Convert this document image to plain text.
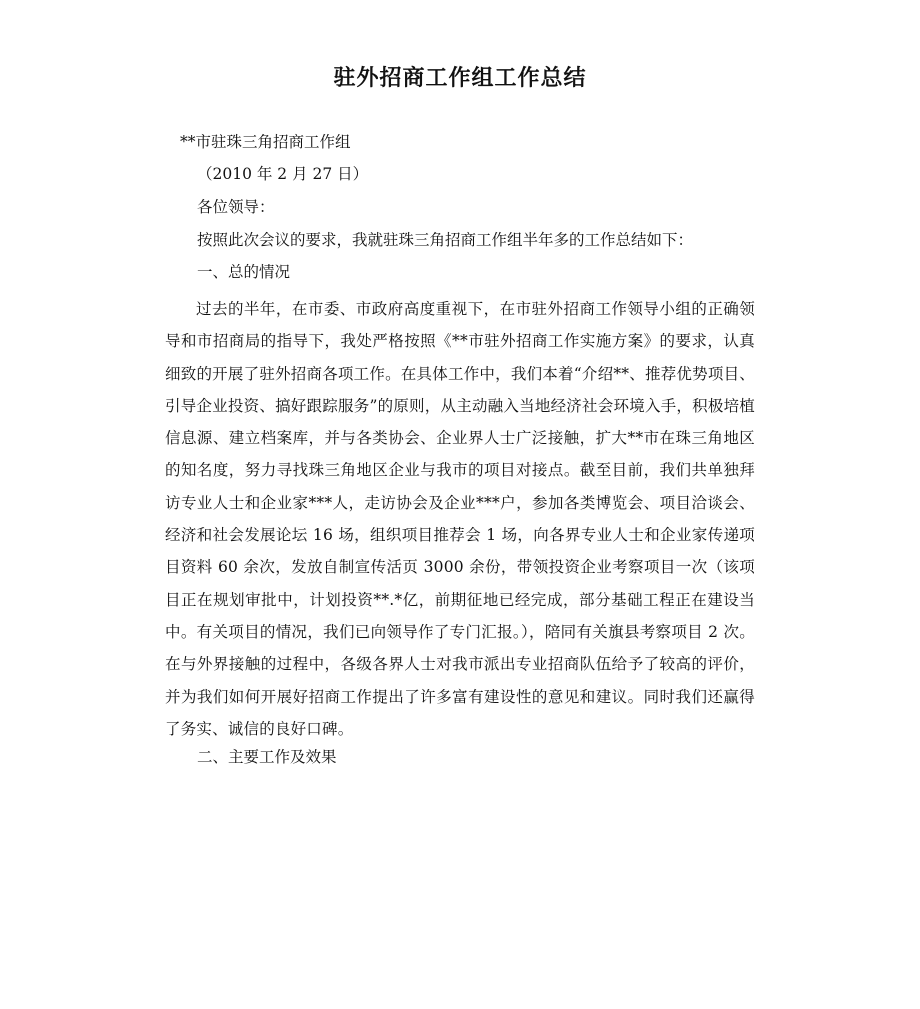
驻外招商工作组工作总结

**市驻珠三角招商工作组

（2010 年 2 月 27 日）

各位领导：

按照此次会议的要求，我就驻珠三角招商工作组半年多的工作总结如下：

一、总的情况

过去的半年，在市委、市政府高度重视下，在市驻外招商工作领导小组的正确领导和市招商局的指导下，我处严格按照《**市驻外招商工作实施方案》的要求，认真细致的开展了驻外招商各项工作。在具体工作中，我们本着“介绍**、推荐优势项目、引导企业投资、搞好跟踪服务”的原则，从主动融入当地经济社会环境入手，积极培植信息源、建立档案库，并与各类协会、企业界人士广泛接触，扩大**市在珠三角地区的知名度，努力寻找珠三角地区企业与我市的项目对接点。截至目前，我们共单独拜访专业人士和企业家***人，走访协会及企业***户，参加各类博览会、项目洽谈会、经济和社会发展论坛 16 场，组织项目推荐会 1 场，向各界专业人士和企业家传递项目资料 60 余次，发放自制宣传活页 3000 余份，带领投资企业考察项目一次（该项目正在规划审批中，计划投资**.*亿，前期征地已经完成，部分基础工程正在建设当中。有关项目的情况，我们已向领导作了专门汇报。），陪同有关旗县考察项目 2 次。在与外界接触的过程中，各级各界人士对我市派出专业招商队伍给予了较高的评价，并为我们如何开展好招商工作提出了许多富有建设性的意见和建议。同时我们还赢得了务实、诚信的良好口碑。

二、主要工作及效果
